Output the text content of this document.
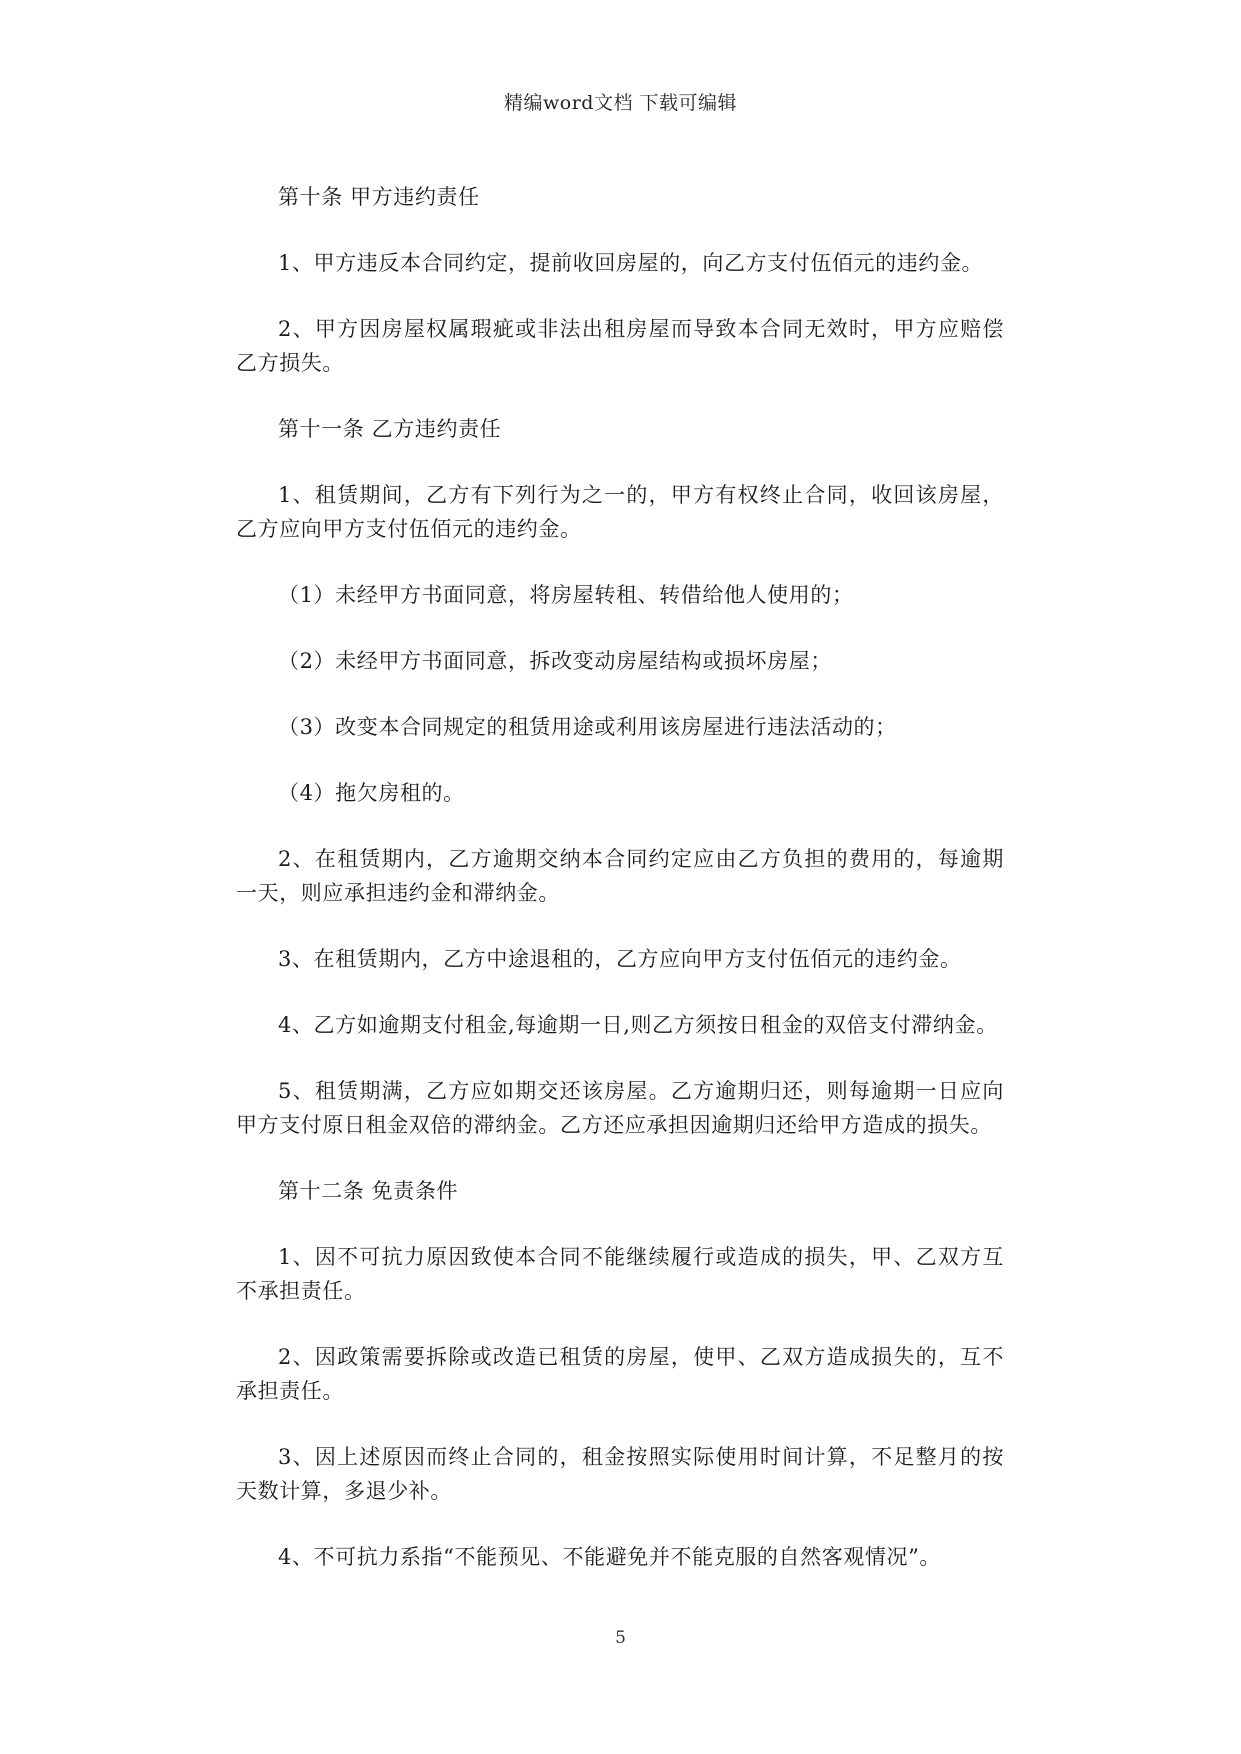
精编word文档 下载可编辑
第十条 甲方违约责任

1、甲方违反本合同约定，提前收回房屋的，向乙方支付伍佰元的违约金。

2、甲方因房屋权属瑕疵或非法出租房屋而导致本合同无效时，甲方应赔偿乙方损失。

第十一条 乙方违约责任

1、租赁期间，乙方有下列行为之一的，甲方有权终止合同，收回该房屋，乙方应向甲方支付伍佰元的违约金。

（1）未经甲方书面同意，将房屋转租、转借给他人使用的；

（2）未经甲方书面同意，拆改变动房屋结构或损坏房屋；

（3）改变本合同规定的租赁用途或利用该房屋进行违法活动的；

（4）拖欠房租的。

2、在租赁期内，乙方逾期交纳本合同约定应由乙方负担的费用的，每逾期一天，则应承担违约金和滞纳金。

3、在租赁期内，乙方中途退租的，乙方应向甲方支付伍佰元的违约金。

4、乙方如逾期支付租金,每逾期一日,则乙方须按日租金的双倍支付滞纳金。

5、租赁期满，乙方应如期交还该房屋。乙方逾期归还，则每逾期一日应向甲方支付原日租金双倍的滞纳金。乙方还应承担因逾期归还给甲方造成的损失。

第十二条 免责条件

1、因不可抗力原因致使本合同不能继续履行或造成的损失，甲、乙双方互不承担责任。

2、因政策需要拆除或改造已租赁的房屋，使甲、乙双方造成损失的，互不承担责任。

3、因上述原因而终止合同的，租金按照实际使用时间计算，不足整月的按天数计算，多退少补。

4、不可抗力系指“不能预见、不能避免并不能克服的自然客观情况”。

5
